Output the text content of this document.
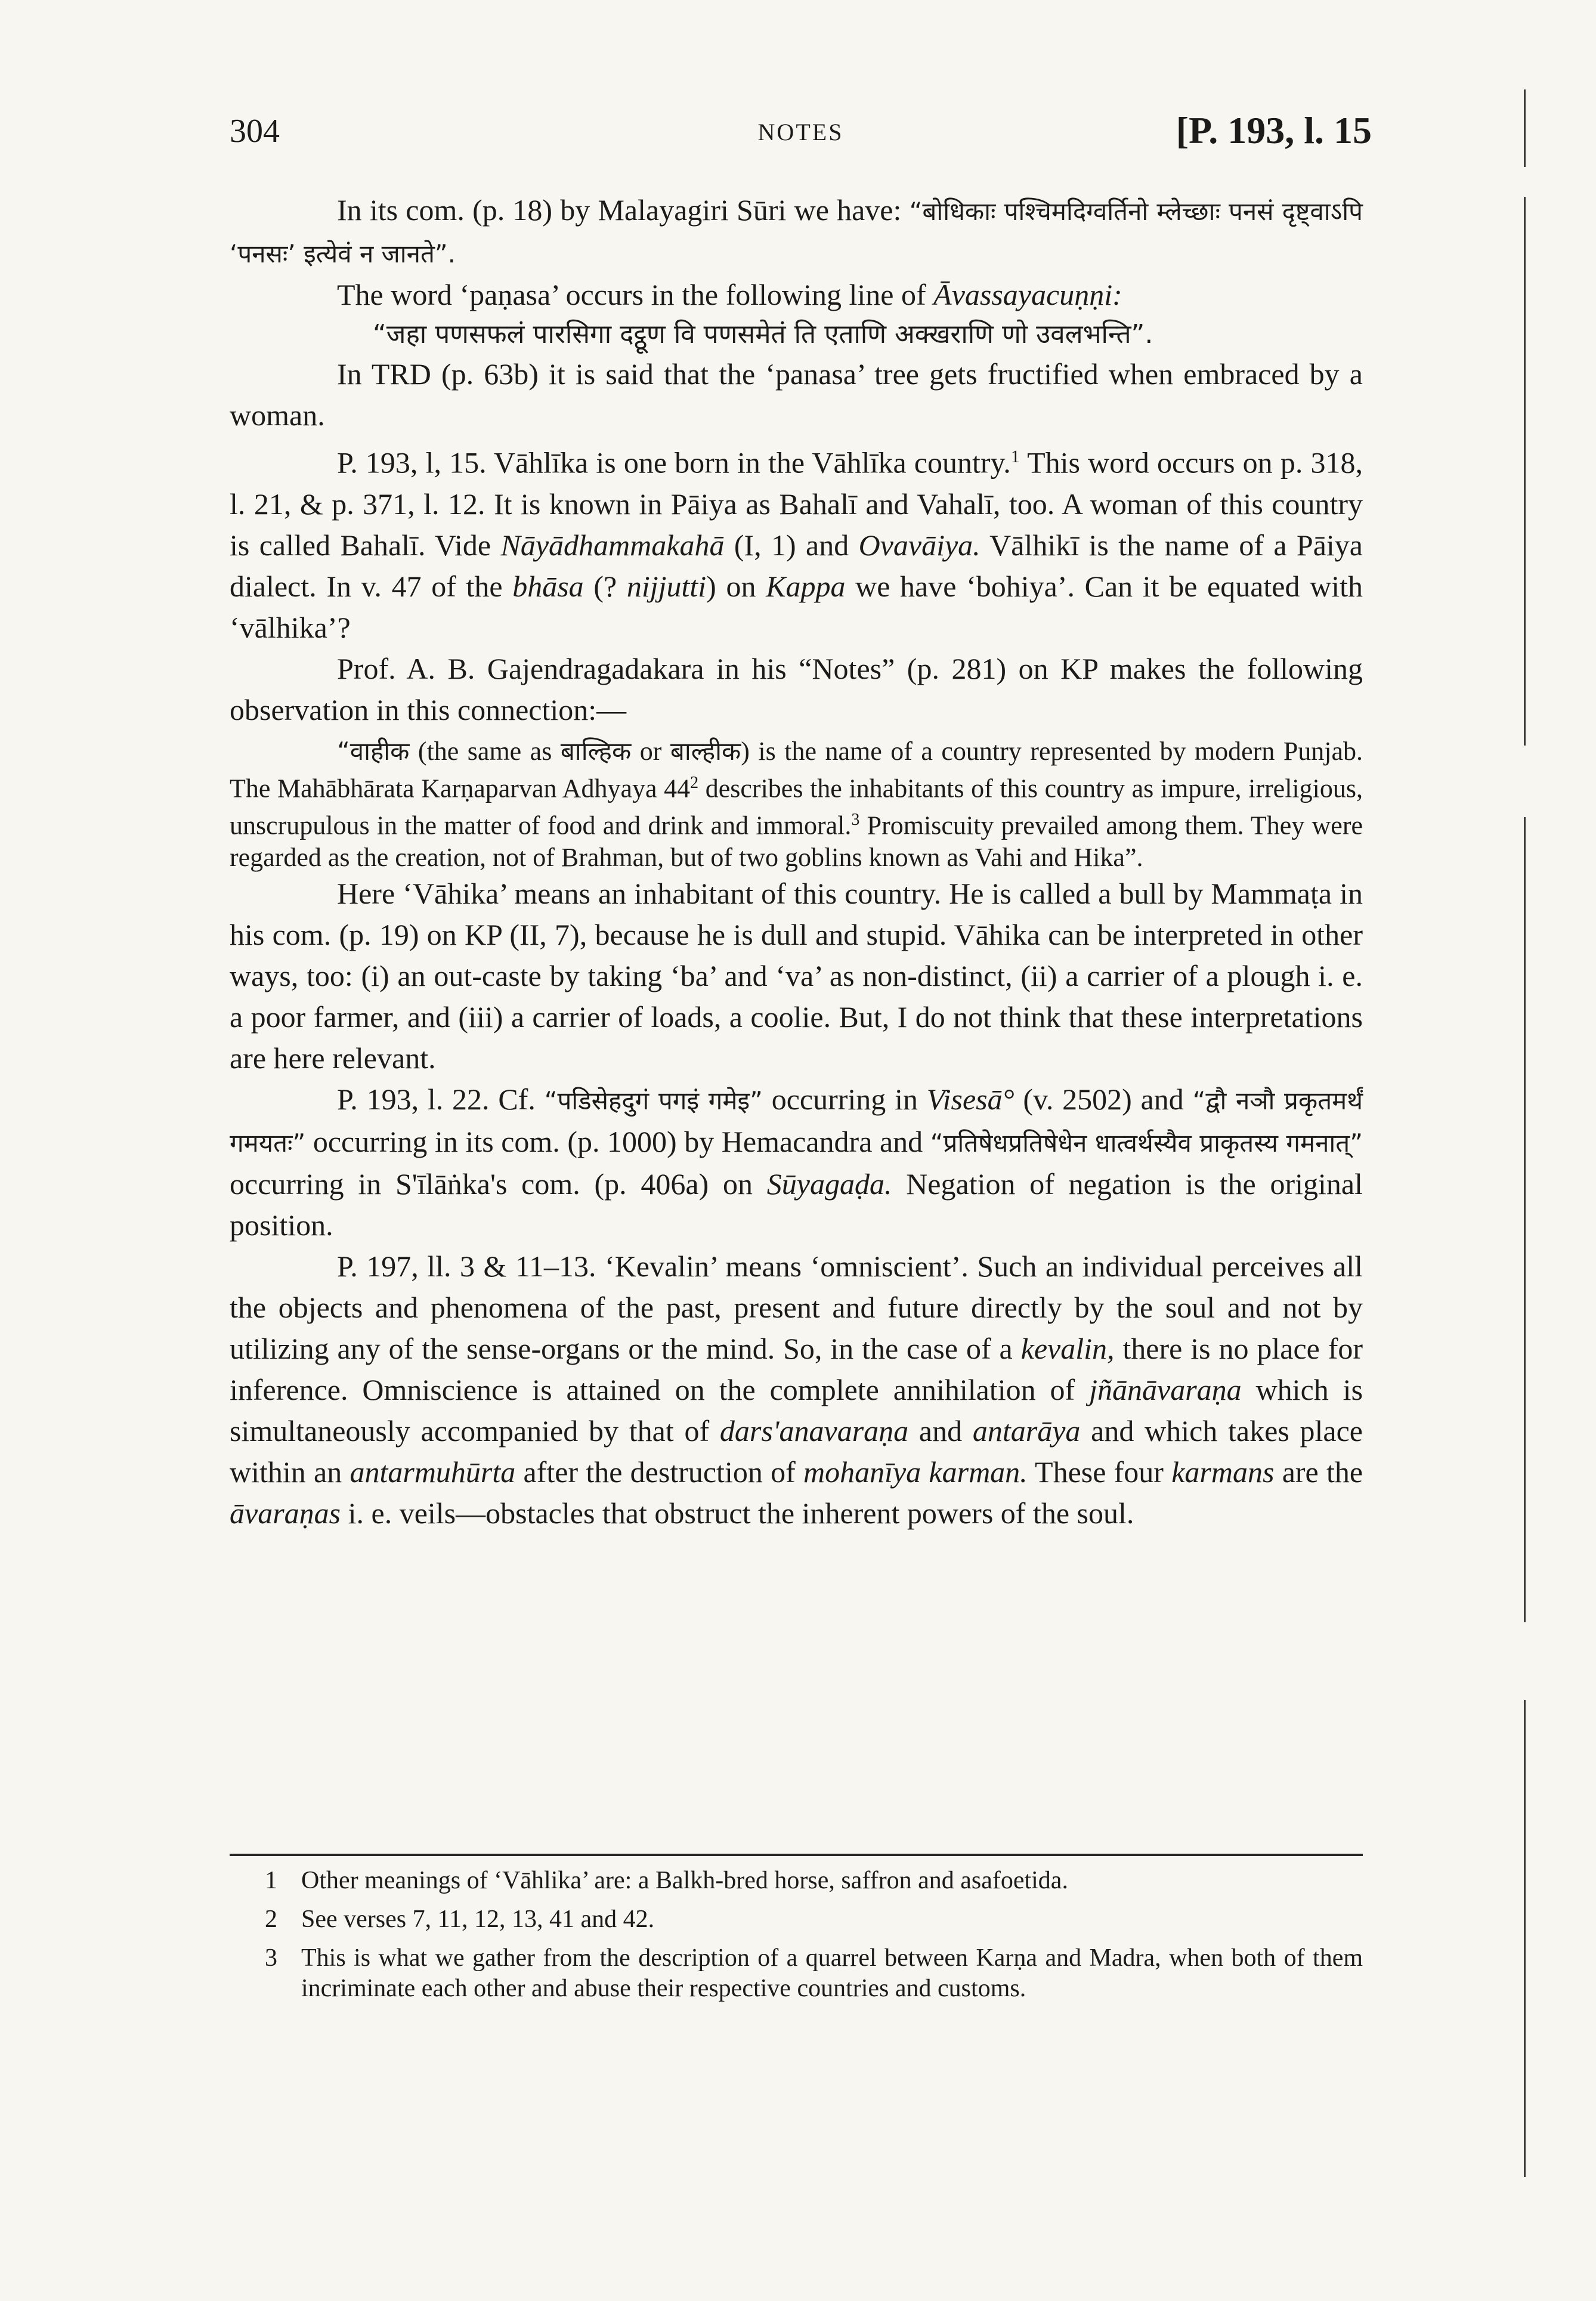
304	NOTES	[P. 193, l. 15

In its com. (p. 18) by Malayagiri Sūri we have: “बोधिकाः पश्चिमदिग्वर्तिनो म्लेच्छाः पनसं दृष्ट्वाऽपि ‘पनसः’ इत्येवं न जानते”.

The word ‘paṇasa’ occurs in the following line of Āvassayacuṇṇi:

“जहा पणसफलं पारसिगा दट्ठूण वि पणसमेतं ति एताणि अक्खराणि णो उवलभन्ति”.

In TRD (p. 63b) it is said that the ‘panasa’ tree gets fructified when embraced by a woman.

P. 193, l, 15. Vāhlīka is one born in the Vāhlīka country.$^1$ This word occurs on p. 318, l. 21, & p. 371, l. 12. It is known in Pāiya as Bahalī and Vahalī, too. A woman of this country is called Bahalī. Vide Nāyādhammakahā (I, 1) and Ovavāiya. Vālhikī is the name of a Pāiya dialect. In v. 47 of the bhāsa (? nijjutti) on Kappa we have ‘bohiya’. Can it be equated with ‘vālhika’?

Prof. A. B. Gajendragadakara in his “Notes” (p. 281) on KP makes the following observation in this connection:—

“वाहीक (the same as बाल्हिक or बाल्हीक) is the name of a country represented by modern Punjab. The Mahābhārata Karṇaparvan Adhyaya $44^2$ describes the inhabitants of this country as impure, irreligious, unscrupulous in the matter of food and drink and immoral.$^3$ Promiscuity prevailed among them. They were regarded as the creation, not of Brahman, but of two goblins known as Vahi and Hika”.

Here ‘Vāhika’ means an inhabitant of this country. He is called a bull by Mammaṭa in his com. (p. 19) on KP (II, 7), because he is dull and stupid. Vāhika can be interpreted in other ways, too: (i) an out-caste by taking ‘ba’ and ‘va’ as non-distinct, (ii) a carrier of a plough i. e. a poor farmer, and (iii) a carrier of loads, a coolie. But, I do not think that these interpretations are here relevant.

P. 193, l. 22. Cf. “पडिसेहदुगं पगइं गमेइ” occurring in Visesā° (v. 2502) and “द्वौ नञौ प्रकृतमर्थं गमयतः” occurring in its com. (p. 1000) by Hemacandra and “प्रतिषेधप्रतिषेधेन धात्वर्थस्यैव प्राकृतस्य गमनात्” occurring in S'īlāṅka's com. (p. 406a) on Sūyagaḍa. Negation of negation is the original position.

P. 197, ll. 3 & 11–13. ‘Kevalin’ means ‘omniscient’. Such an individual perceives all the objects and phenomena of the past, present and future directly by the soul and not by utilizing any of the sense-organs or the mind. So, in the case of a kevalin, there is no place for inference. Omniscience is attained on the complete annihilation of jñānāvaraṇa which is simultaneously accompanied by that of dars'anavaraṇa and antarāya and which takes place within an antarmuhūrta after the destruction of mohanīya karman. These four karmans are the āvaraṇas i. e. veils—obstacles that obstruct the inherent powers of the soul.

1 Other meanings of ‘Vāhlika’ are: a Balkh-bred horse, saffron and asafoetida.
2 See verses 7, 11, 12, 13, 41 and 42.
3 This is what we gather from the description of a quarrel between Karṇa and Madra, when both of them incriminate each other and abuse their respective countries and customs.
